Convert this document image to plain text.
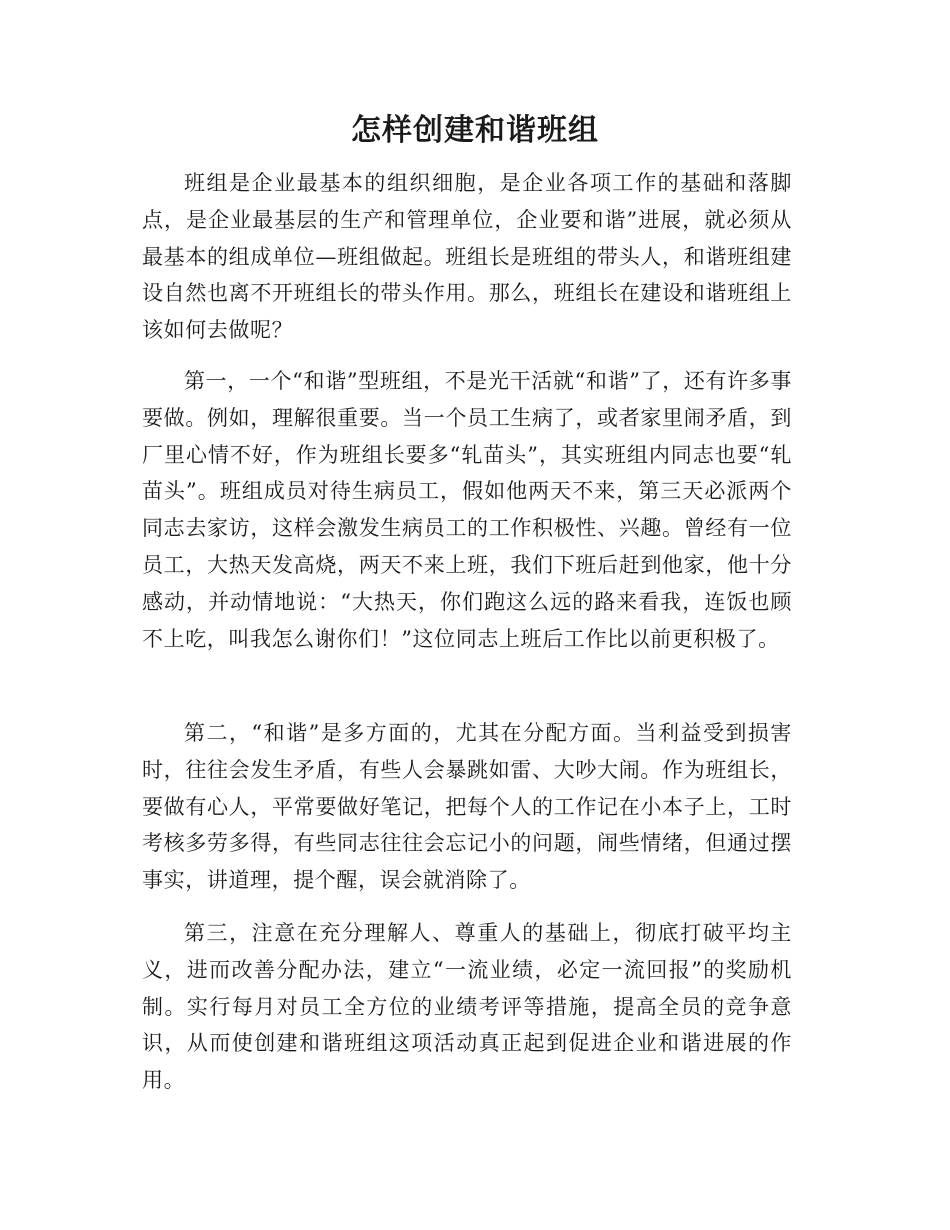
怎样创建和谐班组

班组是企业最基本的组织细胞，是企业各项工作的基础和落脚点，是企业最基层的生产和管理单位，企业要和谐”进展，就必须从最基本的组成单位—班组做起。班组长是班组的带头人，和谐班组建设自然也离不开班组长的带头作用。那么，班组长在建设和谐班组上该如何去做呢？

第一，一个“和谐”型班组，不是光干活就“和谐”了，还有许多事要做。例如，理解很重要。当一个员工生病了，或者家里闹矛盾，到厂里心情不好，作为班组长要多“轧苗头”，其实班组内同志也要“轧苗头”。班组成员对待生病员工，假如他两天不来，第三天必派两个同志去家访，这样会激发生病员工的工作积极性、兴趣。曾经有一位员工，大热天发高烧，两天不来上班，我们下班后赶到他家，他十分感动，并动情地说：“大热天，你们跑这么远的路来看我，连饭也顾不上吃，叫我怎么谢你们！”这位同志上班后工作比以前更积极了。

第二，“和谐”是多方面的，尤其在分配方面。当利益受到损害时，往往会发生矛盾，有些人会暴跳如雷、大吵大闹。作为班组长，要做有心人，平常要做好笔记，把每个人的工作记在小本子上，工时考核多劳多得，有些同志往往会忘记小的问题，闹些情绪，但通过摆事实，讲道理，提个醒，误会就消除了。

第三，注意在充分理解人、尊重人的基础上，彻底打破平均主义，进而改善分配办法，建立“一流业绩，必定一流回报”的奖励机制。实行每月对员工全方位的业绩考评等措施，提高全员的竞争意识，从而使创建和谐班组这项活动真正起到促进企业和谐进展的作用。
